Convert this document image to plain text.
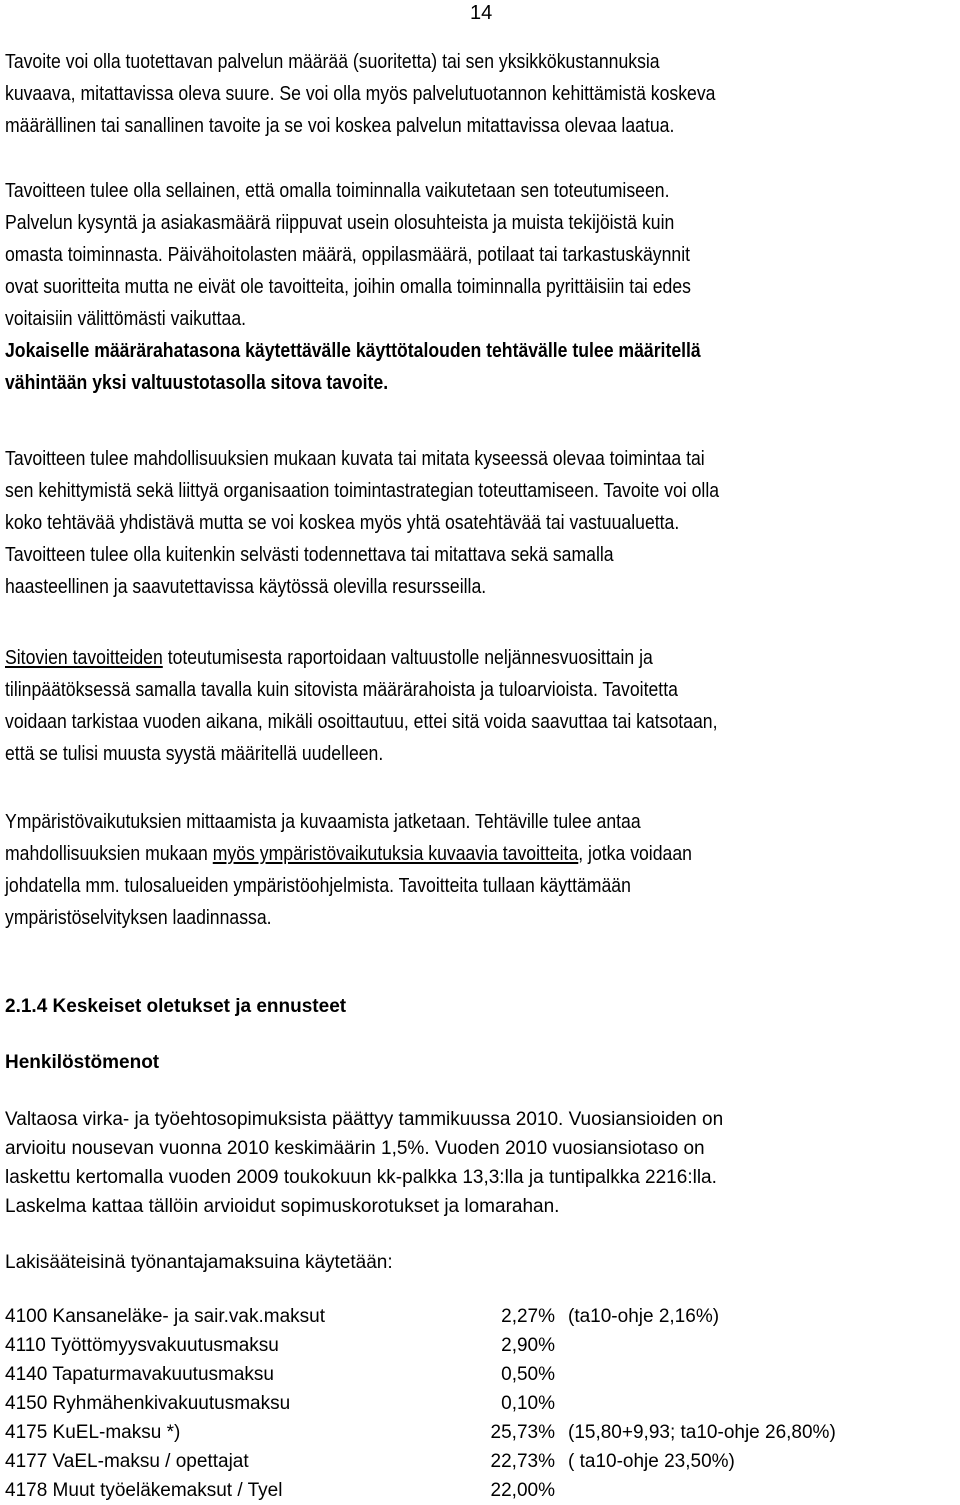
14
Tavoite voi olla tuotettavan palvelun määrää (suoritetta) tai sen yksikkökustannuksia
kuvaava, mitattavissa oleva suure. Se voi olla myös palvelutuotannon kehittämistä koskeva
määrällinen tai sanallinen tavoite ja se voi koskea palvelun mitattavissa olevaa laatua.
Tavoitteen tulee olla sellainen, että omalla toiminnalla vaikutetaan sen toteutumiseen.
Palvelun kysyntä ja asiakasmäärä riippuvat usein olosuhteista ja muista tekijöistä kuin
omasta toiminnasta. Päivähoitolasten määrä, oppilasmäärä, potilaat tai tarkastuskäynnit
ovat suoritteita mutta ne eivät ole tavoitteita, joihin omalla toiminnalla pyrittäisiin tai edes
voitaisiin välittömästi vaikuttaa.
Jokaiselle määrärahatasona käytettävälle käyttötalouden tehtävälle tulee määritellä
vähintään yksi valtuustotasolla sitova tavoite.
Tavoitteen tulee mahdollisuuksien mukaan kuvata tai mitata kyseessä olevaa toimintaa tai
sen kehittymistä sekä liittyä organisaation toimintastrategian toteuttamiseen. Tavoite voi olla
koko tehtävää yhdistävä mutta se voi koskea myös yhtä osatehtävää tai vastuualuetta.
Tavoitteen tulee olla kuitenkin selvästi todennettava tai mitattava sekä samalla
haasteellinen ja saavutettavissa käytössä olevilla resursseilla.
Sitovien tavoitteiden toteutumisesta raportoidaan valtuustolle neljännesvuosittain ja
tilinpäätöksessä samalla tavalla kuin sitovista määrärahoista ja tuloarvioista. Tavoitetta
voidaan tarkistaa vuoden aikana, mikäli osoittautuu, ettei sitä voida saavuttaa tai katsotaan,
että se tulisi muusta syystä määritellä uudelleen.
Ympäristövaikutuksien mittaamista ja kuvaamista jatketaan. Tehtäville tulee antaa
mahdollisuuksien mukaan myös ympäristövaikutuksia kuvaavia tavoitteita, jotka voidaan
johdatella mm. tulosalueiden ympäristöohjelmista. Tavoitteita tullaan käyttämään
ympäristöselvityksen laadinnassa.
2.1.4 Keskeiset oletukset ja ennusteet
Henkilöstömenot
Valtaosa virka- ja työehtosopimuksista päättyy tammikuussa 2010. Vuosiansioiden on
arvioitu nousevan vuonna 2010 keskimäärin 1,5%. Vuoden 2010 vuosiansiotaso on
laskettu kertomalla vuoden 2009 toukokuun kk-palkka 13,3:lla ja tuntipalkka 2216:lla.
Laskelma kattaa tällöin arvioidut sopimuskorotukset ja lomarahan.
Lakisääteisinä työnantajamaksuina käytetään:
4100 Kansaneläke- ja sair.vak.maksut	2,27% (ta10-ohje 2,16%)
4110 Työttömyysvakuutusmaksu	2,90%
4140 Tapaturmavakuutusmaksu	0,50%
4150 Ryhmähenkivakuutusmaksu	0,10%
4175 KuEL-maksu *)	25,73% (15,80+9,93; ta10-ohje 26,80%)
4177 VaEL-maksu / opettajat	22,73% ( ta10-ohje 23,50%)
4178 Muut työeläkemaksut / Tyel	22,00%
